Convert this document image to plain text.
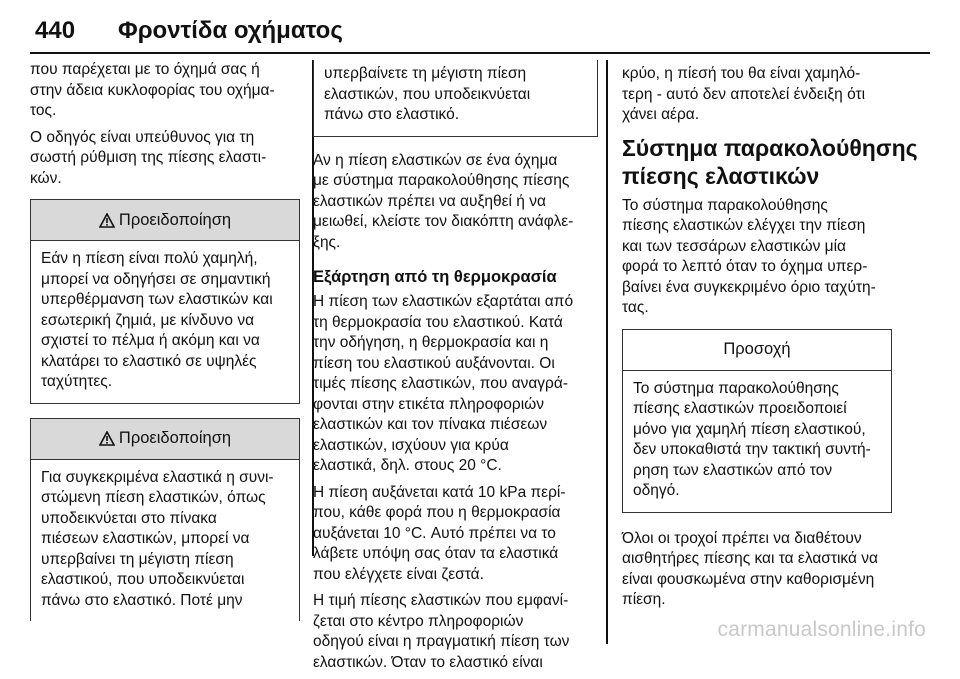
440 Φροντίδα οχήματος
που παρέχεται με το όχημά σας ή
στην άδεια κυκλοφορίας του οχήμα‐
τος.
Ο οδηγός είναι υπεύθυνος για τη
σωστή ρύθμιση της πίεσης ελαστι‐
κών.
Προειδοποίηση
Εάν η πίεση είναι πολύ χαμηλή,
μπορεί να οδηγήσει σε σημαντική
υπερθέρμανση των ελαστικών και
εσωτερική ζημιά, με κίνδυνο να
σχιστεί το πέλμα ή ακόμη και να
κλατάρει το ελαστικό σε υψηλές
ταχύτητες.
Προειδοποίηση
Για συγκεκριμένα ελαστικά η συνι‐
στώμενη πίεση ελαστικών, όπως
υποδεικνύεται στο πίνακα
πιέσεων ελαστικών, μπορεί να
υπερβαίνει τη μέγιστη πίεση
ελαστικού, που υποδεικνύεται
πάνω στο ελαστικό. Ποτέ μην
υπερβαίνετε τη μέγιστη πίεση
ελαστικών, που υποδεικνύεται
πάνω στο ελαστικό.
Αν η πίεση ελαστικών σε ένα όχημα
με σύστημα παρακολούθησης πίεσης
ελαστικών πρέπει να αυξηθεί ή να
μειωθεί, κλείστε τον διακόπτη ανάφλε‐
ξης.
Εξάρτηση από τη θερμοκρασία
Η πίεση των ελαστικών εξαρτάται από
τη θερμοκρασία του ελαστικού. Κατά
την οδήγηση, η θερμοκρασία και η
πίεση του ελαστικού αυξάνονται. Οι
τιμές πίεσης ελαστικών, που αναγρά‐
φονται στην ετικέτα πληροφοριών
ελαστικών και τον πίνακα πιέσεων
ελαστικών, ισχύουν για κρύα
ελαστικά, δηλ. στους 20 °C.
Η πίεση αυξάνεται κατά 10 kPa περί‐
που, κάθε φορά που η θερμοκρασία
αυξάνεται 10 °C. Αυτό πρέπει να το
λάβετε υπόψη σας όταν τα ελαστικά
που ελέγχετε είναι ζεστά.
Η τιμή πίεσης ελαστικών που εμφανί‐
ζεται στο κέντρο πληροφοριών
οδηγού είναι η πραγματική πίεση των
ελαστικών. Όταν το ελαστικό είναι
κρύο, η πίεσή του θα είναι χαμηλό‐
τερη - αυτό δεν αποτελεί ένδειξη ότι
χάνει αέρα.
Σύστημα παρακολούθησης
πίεσης ελαστικών
Το σύστημα παρακολούθησης
πίεσης ελαστικών ελέγχει την πίεση
και των τεσσάρων ελαστικών μία
φορά το λεπτό όταν το όχημα υπερ‐
βαίνει ένα συγκεκριμένο όριο ταχύτη‐
τας.
Προσοχή
Το σύστημα παρακολούθησης
πίεσης ελαστικών προειδοποιεί
μόνο για χαμηλή πίεση ελαστικού,
δεν υποκαθιστά την τακτική συντή‐
ρηση των ελαστικών από τον
οδηγό.
Όλοι οι τροχοί πρέπει να διαθέτουν
αισθητήρες πίεσης και τα ελαστικά να
είναι φουσκωμένα στην καθορισμένη
πίεση.
carmanualsonline.info
